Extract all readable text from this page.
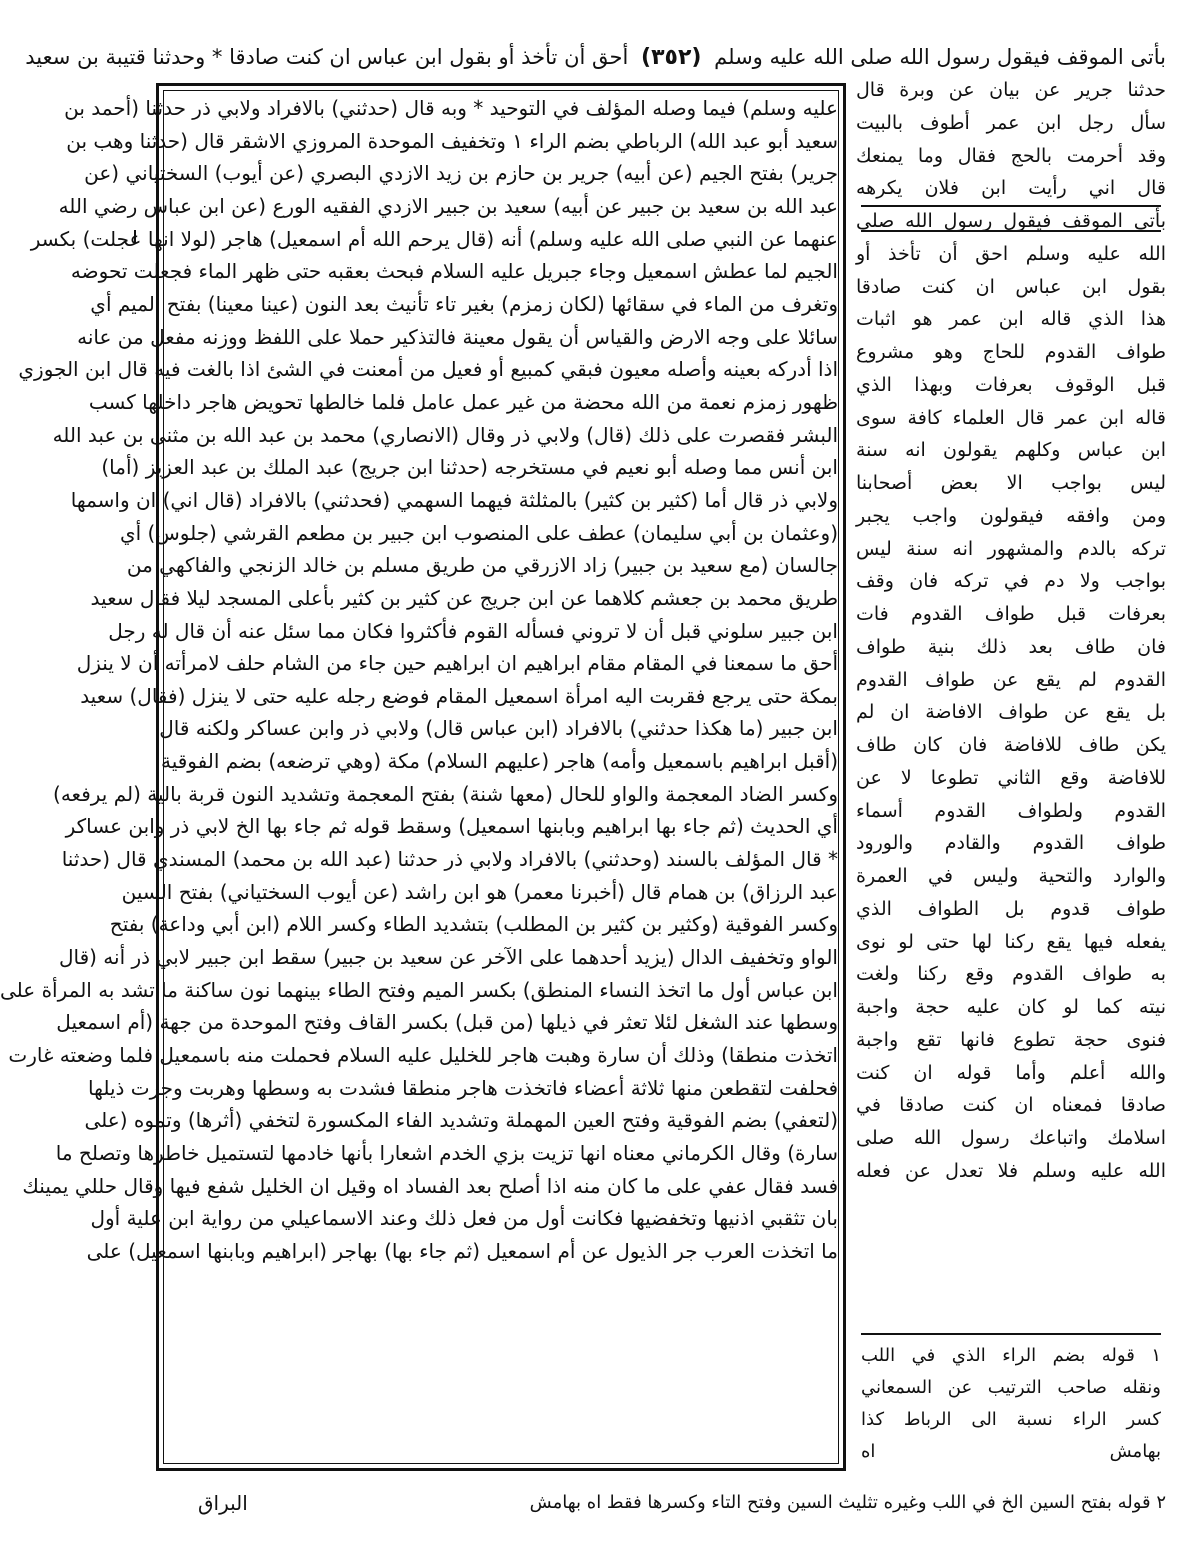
بأتى الموقف فيقول رسول الله صلى الله عليه وسلم (٣٥٢) أحق أن تأخذ أو بقول ابن عباس ان كنت صادقا * وحدثنا قتيبة بن سعيد
عليه وسلم) فيما وصله المؤلف في التوحيد * وبه قال (حدثني) بالافراد ولابي ذر حدثنا (أحمد بن
سعيد أبو عبد الله) الرباطي بضم الراء ١ وتخفيف الموحدة المروزي الاشقر قال (حدثنا وهب بن
جرير) بفتح الجيم (عن أبيه) جرير بن حازم بن زيد الازدي البصري (عن أيوب) السختياني (عن
عبد الله بن سعيد بن جبير عن أبيه) سعيد بن جبير الازدي الفقيه الورع (عن ابن عباس رضي الله
عنهما عن النبي صلى الله عليه وسلم) أنه (قال يرحم الله أم اسمعيل) هاجر (لولا انها عجلت) بكسر
الجيم لما عطش اسمعيل وجاء جبريل عليه السلام فبحث بعقبه حتى ظهر الماء فجعلت تحوضه
وتغرف من الماء في سقائها (لكان زمزم) بغير تاء تأنيث بعد النون (عينا معينا) بفتح الميم أي
سائلا على وجه الارض والقياس أن يقول معينة فالتذكير حملا على اللفظ ووزنه مفعل من عانه
اذا أدركه بعينه وأصله معيون فبقي كمبيع أو فعيل من أمعنت في الشئ اذا بالغت فيه قال ابن الجوزي
ظهور زمزم نعمة من الله محضة من غير عمل عامل فلما خالطها تحويض هاجر داخلها كسب
البشر فقصرت على ذلك (قال) ولابي ذر وقال (الانصاري) محمد بن عبد الله بن مثنى بن عبد الله
ابن أنس مما وصله أبو نعيم في مستخرجه (حدثنا ابن جريج) عبد الملك بن عبد العزيز (أما)
ولابي ذر قال أما (كثير بن كثير) بالمثلثة فيهما السهمي (فحدثني) بالافراد (قال اني) ان واسمها
(وعثمان بن أبي سليمان) عطف على المنصوب ابن جبير بن مطعم القرشي (جلوس) أي
جالسان (مع سعيد بن جبير) زاد الازرقي من طريق مسلم بن خالد الزنجي والفاكهي من
طريق محمد بن جعشم كلاهما عن ابن جريج عن كثير بن كثير بأعلى المسجد ليلا فقال سعيد
ابن جبير سلوني قبل أن لا تروني فسأله القوم فأكثروا فكان مما سئل عنه أن قال له رجل
أحق ما سمعنا في المقام مقام ابراهيم ان ابراهيم حين جاء من الشام حلف لامرأته أن لا ينزل
بمكة حتى يرجع فقربت اليه امرأة اسمعيل المقام فوضع رجله عليه حتى لا ينزل (فقال) سعيد
ابن جبير (ما هكذا حدثني) بالافراد (ابن عباس قال) ولابي ذر وابن عساكر ولكنه قال
(أقبل ابراهيم باسمعيل وأمه) هاجر (عليهم السلام) مكة (وهي ترضعه) بضم الفوقية
وكسر الضاد المعجمة والواو للحال (معها شنة) بفتح المعجمة وتشديد النون قربة بالية (لم يرفعه)
أي الحديث (ثم جاء بها ابراهيم وبابنها اسمعيل) وسقط قوله ثم جاء بها الخ لابي ذر وابن عساكر
* قال المؤلف بالسند (وحدثني) بالافراد ولابي ذر حدثنا (عبد الله بن محمد) المسندي قال (حدثنا
عبد الرزاق) بن همام قال (أخبرنا معمر) هو ابن راشد (عن أيوب السختياني) بفتح السين
وكسر الفوقية (وكثير بن كثير بن المطلب) بتشديد الطاء وكسر اللام (ابن أبي وداعة) بفتح
الواو وتخفيف الدال (يزيد أحدهما على الآخر عن سعيد بن جبير) سقط ابن جبير لابي ذر أنه (قال
ابن عباس أول ما اتخذ النساء المنطق) بكسر الميم وفتح الطاء بينهما نون ساكنة ما تشد به المرأة على
وسطها عند الشغل لئلا تعثر في ذيلها (من قبل) بكسر القاف وفتح الموحدة من جهة (أم اسمعيل
اتخذت منطقا) وذلك أن سارة وهبت هاجر للخليل عليه السلام فحملت منه باسمعيل فلما وضعته غارت
فحلفت لتقطعن منها ثلاثة أعضاء فاتخذت هاجر منطقا فشدت به وسطها وهربت وجرت ذيلها
(لتعفي) بضم الفوقية وفتح العين المهملة وتشديد الفاء المكسورة لتخفي (أثرها) وتموه (على
سارة) وقال الكرماني معناه انها تزيت بزي الخدم اشعارا بأنها خادمها لتستميل خاطرها وتصلح ما
فسد فقال عفي على ما كان منه اذا أصلح بعد الفساد اه وقيل ان الخليل شفع فيها وقال حللي يمينك
بان تثقبي اذنيها وتخفضيها فكانت أول من فعل ذلك وعند الاسماعيلي من رواية ابن علية أول
ما اتخذت العرب جر الذيول عن أم اسمعيل (ثم جاء بها) بهاجر (ابراهيم وبابنها اسمعيل) على
حدثنا جرير عن بيان عن وبرة قال
سأل رجل ابن عمر أطوف بالبيت
وقد أحرمت بالحج فقال وما يمنعك
قال اني رأيت ابن فلان يكرهه
بأتى الموقف فيقول رسول الله صلى
الله عليه وسلم احق أن تأخذ أو
بقول ابن عباس ان كنت صادقا
هذا الذي قاله ابن عمر هو اثبات
طواف القدوم للحاج وهو مشروع
قبل الوقوف بعرفات وبهذا الذي
قاله ابن عمر قال العلماء كافة سوى
ابن عباس وكلهم يقولون انه سنة
ليس بواجب الا بعض أصحابنا
ومن وافقه فيقولون واجب يجبر
تركه بالدم والمشهور انه سنة ليس
بواجب ولا دم في تركه فان وقف
بعرفات قبل طواف القدوم فات
فان طاف بعد ذلك بنية طواف
القدوم لم يقع عن طواف القدوم
بل يقع عن طواف الافاضة ان لم
يكن طاف للافاضة فان كان طاف
للافاضة وقع الثاني تطوعا لا عن
القدوم ولطواف القدوم أسماء
طواف القدوم والقادم والورود
والوارد والتحية وليس في العمرة
طواف قدوم بل الطواف الذي
يفعله فيها يقع ركنا لها حتى لو نوى
به طواف القدوم وقع ركنا ولغت
نيته كما لو كان عليه حجة واجبة
فنوى حجة تطوع فانها تقع واجبة
والله أعلم وأما قوله ان كنت
صادقا فمعناه ان كنت صادقا في
اسلامك واتباعك رسول الله صلى
الله عليه وسلم فلا تعدل عن فعله
١ قوله بضم الراء الذي في اللب
ونقله صاحب الترتيب عن السمعاني
كسر الراء نسبة الى الرباط كذا
بهامش اه
٢ قوله بفتح السين الخ في اللب وغيره تثليث السين وفتح التاء وكسرها فقط اه بهامش
البراق
